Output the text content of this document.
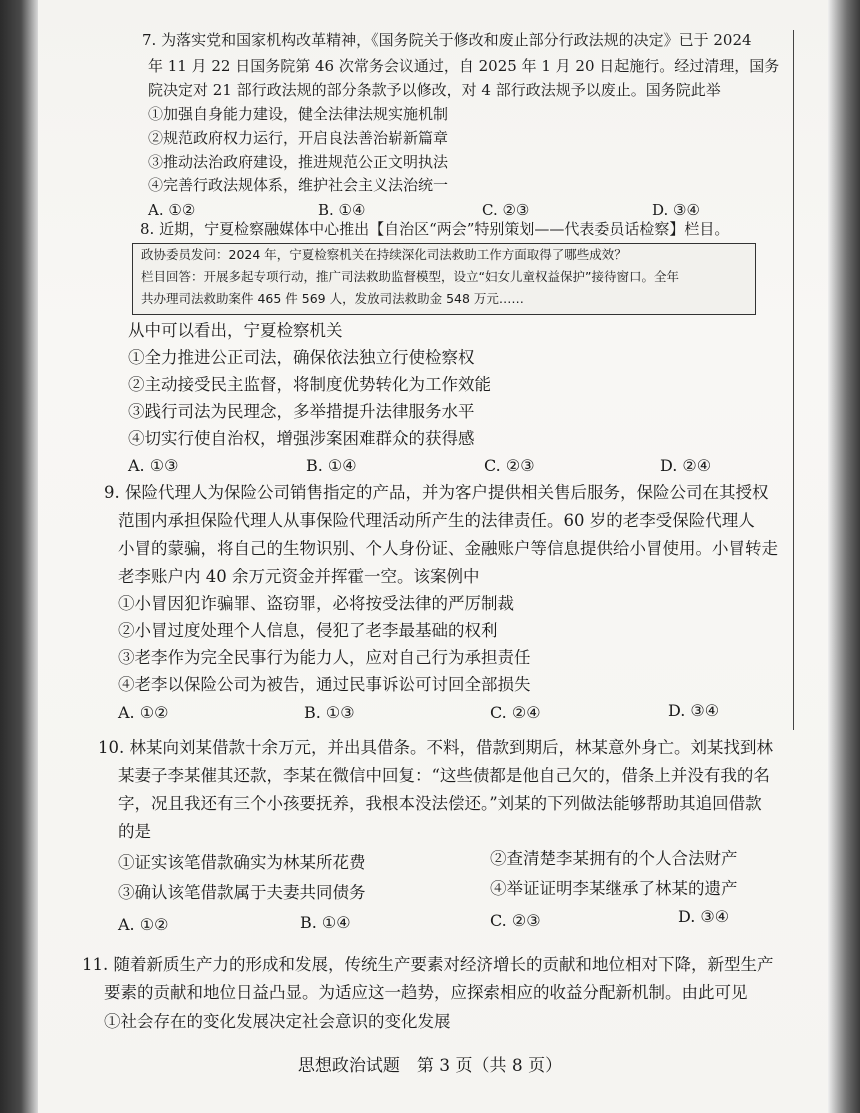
7. 为落实党和国家机构改革精神，《国务院关于修改和废止部分行政法规的决定》已于 2024
年 11 月 22 日国务院第 46 次常务会议通过，自 2025 年 1 月 20 日起施行。经过清理，国务
院决定对 21 部行政法规的部分条款予以修改，对 4 部行政法规予以废止。国务院此举
①加强自身能力建设，健全法律法规实施机制
②规范政府权力运行，开启良法善治崭新篇章
③推动法治政府建设，推进规范公正文明执法
④完善行政法规体系，维护社会主义法治统一
A. ①②	B. ①④	C. ②③	D. ③④
8. 近期，宁夏检察融媒体中心推出【自治区“两会”特别策划——代表委员话检察】栏目。
政协委员发问：2024 年，宁夏检察机关在持续深化司法救助工作方面取得了哪些成效？
栏目回答：开展多起专项行动，推广司法救助监督模型，设立“妇女儿童权益保护”接待窗口。全年
共办理司法救助案件 465 件 569 人，发放司法救助金 548 万元……
从中可以看出，宁夏检察机关
①全力推进公正司法，确保依法独立行使检察权
②主动接受民主监督，将制度优势转化为工作效能
③践行司法为民理念，多举措提升法律服务水平
④切实行使自治权，增强涉案困难群众的获得感
A. ①③	B. ①④	C. ②③	D. ②④
9. 保险代理人为保险公司销售指定的产品，并为客户提供相关售后服务，保险公司在其授权
范围内承担保险代理人从事保险代理活动所产生的法律责任。60 岁的老李受保险代理人
小冒的蒙骗，将自己的生物识别、个人身份证、金融账户等信息提供给小冒使用。小冒转走
老李账户内 40 余万元资金并挥霍一空。该案例中
①小冒因犯诈骗罪、盗窃罪，必将按受法律的严厉制裁
②小冒过度处理个人信息，侵犯了老李最基础的权利
③老李作为完全民事行为能力人，应对自己行为承担责任
④老李以保险公司为被告，通过民事诉讼可讨回全部损失
A. ①②	B. ①③	C. ②④	D. ③④
10. 林某向刘某借款十余万元，并出具借条。不料，借款到期后，林某意外身亡。刘某找到林
某妻子李某催其还款，李某在微信中回复：“这些债都是他自己欠的，借条上并没有我的名
字，况且我还有三个小孩要抚养，我根本没法偿还。”刘某的下列做法能够帮助其追回借款
的是
①证实该笔借款确实为林某所花费	②查清楚李某拥有的个人合法财产
③确认该笔借款属于夫妻共同债务	④举证证明李某继承了林某的遗产
A. ①②	B. ①④	C. ②③	D. ③④
11. 随着新质生产力的形成和发展，传统生产要素对经济增长的贡献和地位相对下降，新型生产
要素的贡献和地位日益凸显。为适应这一趋势，应探索相应的收益分配新机制。由此可见
①社会存在的变化发展决定社会意识的变化发展
思想政治试题　第 3 页（共 8 页）
